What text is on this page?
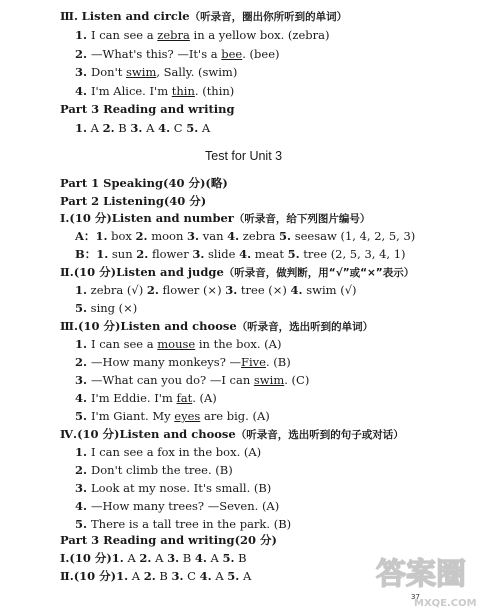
Ⅲ. Listen and circle（听录音，圈出你所听到的单词）
1. I can see a zebra in a yellow box. (zebra)
2. —What's this? —It's a bee. (bee)
3. Don't swim, Sally. (swim)
4. I'm Alice. I'm thin. (thin)
Part 3 Reading and writing
1. A 2. B 3. A 4. C 5. A
Test for Unit 3
Part 1 Speaking(40 分)(略)
Part 2 Listening(40 分)
Ⅰ.(10 分)Listen and number（听录音，给下列图片编号）
A：1. box 2. moon 3. van 4. zebra 5. seesaw (1, 4, 2, 5, 3)
B：1. sun 2. flower 3. slide 4. meat 5. tree (2, 5, 3, 4, 1)
Ⅱ.(10 分)Listen and judge（听录音，做判断，用“√”或“×”表示）
1. zebra (√) 2. flower (×) 3. tree (×) 4. swim (√)
5. sing (×)
Ⅲ.(10 分)Listen and choose（听录音，选出听到的单词）
1. I can see a mouse in the box. (A)
2. —How many monkeys? —Five. (B)
3. —What can you do? —I can swim. (C)
4. I'm Eddie. I'm fat. (A)
5. I'm Giant. My eyes are big. (A)
Ⅳ.(10 分)Listen and choose（听录音，选出听到的句子或对话）
1. I can see a fox in the box. (A)
2. Don't climb the tree. (B)
3. Look at my nose. It's small. (B)
4. —How many trees? —Seven. (A)
5. There is a tall tree in the park. (B)
Part 3 Reading and writing(20 分)
Ⅰ.(10 分)1. A 2. A 3. B 4. A 5. B
Ⅱ.(10 分)1. A 2. B 3. C 4. A 5. A
37
答案圈
MXQE.COM
